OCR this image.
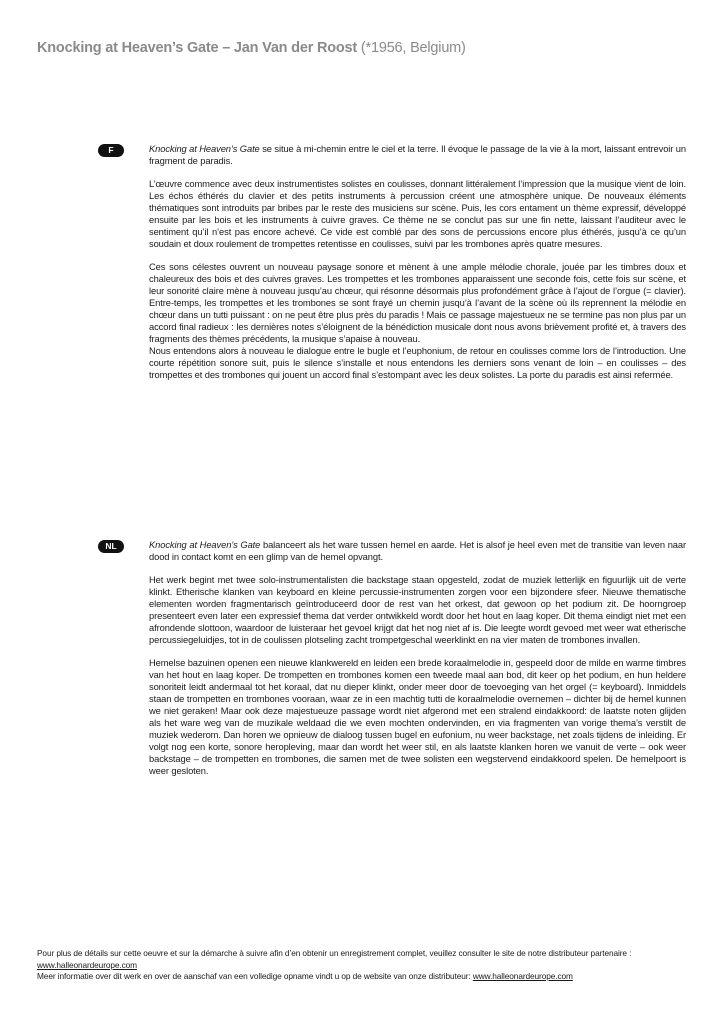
Knocking at Heaven’s Gate – Jan Van der Roost (*1956, Belgium)
F	Knocking at Heaven’s Gate se situe à mi-chemin entre le ciel et la terre. Il évoque le passage de la vie à la mort, laissant entrevoir un fragment de paradis.

L’œuvre commence avec deux instrumentistes solistes en coulisses, donnant littéralement l’impression que la musique vient de loin. Les échos éthérés du clavier et des petits instruments à percussion créent une atmosphère unique. De nouveaux éléments thématiques sont introduits par bribes par le reste des musiciens sur scène. Puis, les cors entament un thème expressif, développé ensuite par les bois et les instruments à cuivre graves. Ce thème ne se conclut pas sur une fin nette, laissant l’auditeur avec le sentiment qu’il n’est pas encore achevé. Ce vide est comblé par des sons de percussions encore plus éthérés, jusqu’à ce qu’un soudain et doux roulement de trompettes retentisse en coulisses, suivi par les trombones après quatre mesures.

Ces sons célestes ouvrent un nouveau paysage sonore et mènent à une ample mélodie chorale, jouée par les timbres doux et chaleureux des bois et des cuivres graves. Les trompettes et les trombones apparaissent une seconde fois, cette fois sur scène, et leur sonorité claire mène à nouveau jusqu’au chœur, qui résonne désormais plus profondément grâce à l’ajout de l’orgue (= clavier). Entre-temps, les trompettes et les trombones se sont frayé un chemin jusqu’à l’avant de la scène où ils reprennent la mélodie en chœur dans un tutti puissant : on ne peut être plus près du paradis ! Mais ce passage majestueux ne se termine pas non plus par un accord final radieux : les dernières notes s’éloignent de la bénédiction musicale dont nous avons brièvement profité et, à travers des fragments des thèmes précédents, la musique s’apaise à nouveau.
Nous entendons alors à nouveau le dialogue entre le bugle et l’euphonium, de retour en coulisses comme lors de l’introduction. Une courte répétition sonore suit, puis le silence s’installe et nous entendons les derniers sons venant de loin – en coulisses – des trompettes et des trombones qui jouent un accord final s’estompant avec les deux solistes. La porte du paradis est ainsi refermée.

NL	Knocking at Heaven’s Gate balanceert als het ware tussen hemel en aarde. Het is alsof je heel even met de transitie van leven naar dood in contact komt en een glimp van de hemel opvangt.

Het werk begint met twee solo-instrumentalisten die backstage staan opgesteld, zodat de muziek letterlijk en figuurlijk uit de verte klinkt. Etherische klanken van keyboard en kleine percussie-instrumenten zorgen voor een bijzondere sfeer. Nieuwe thematische elementen worden fragmentarisch geïntroduceerd door de rest van het orkest, dat gewoon op het podium zit. De hoorngroep presenteert even later een expressief thema dat verder ontwikkeld wordt door het hout en laag koper. Dit thema eindigt niet met een afrondende slottoon, waardoor de luisteraar het gevoel krijgt dat het nog niet af is. Die leegte wordt gevoed met weer wat etherische percussiegeluidjes, tot in de coulissen plotseling zacht trompetgeschal weerklinkt en na vier maten de trombones invallen.

Hemelse bazuinen openen een nieuwe klankwereld en leiden een brede koraalmelodie in, gespeeld door de milde en warme timbres van het hout en laag koper. De trompetten en trombones komen een tweede maal aan bod, dit keer op het podium, en hun heldere sonoriteit leidt andermaal tot het koraal, dat nu dieper klinkt, onder meer door de toevoeging van het orgel (= keyboard). Inmiddels staan de trompetten en trombones vooraan, waar ze in een machtig tutti de koraalmelodie overnemen – dichter bij de hemel kunnen we niet geraken! Maar ook deze majestueuze passage wordt niet afgerond met een stralend eindakkoord: de laatste noten glijden als het ware weg van de muzikale weldaad die we even mochten ondervinden, en via fragmenten van vorige thema’s verstilt de muziek wederom. Dan horen we opnieuw de dialoog tussen bugel en eufonium, nu weer backstage, net zoals tijdens de inleiding. Er volgt nog een korte, sonore heropleving, maar dan wordt het weer stil, en als laatste klanken horen we vanuit de verte – ook weer backstage – de trompetten en trombones, die samen met de twee solisten een wegstervend eindakkoord spelen. De hemelpoort is weer gesloten.

Pour plus de détails sur cette oeuvre et sur la démarche à suivre afin d’en obtenir un enregistrement complet, veuillez consulter le site de notre distributeur partenaire : www.halleonardeurope.com
Meer informatie over dit werk en over de aanschaf van een volledige opname vindt u op de website van onze distributeur: www.halleonardeurope.com
